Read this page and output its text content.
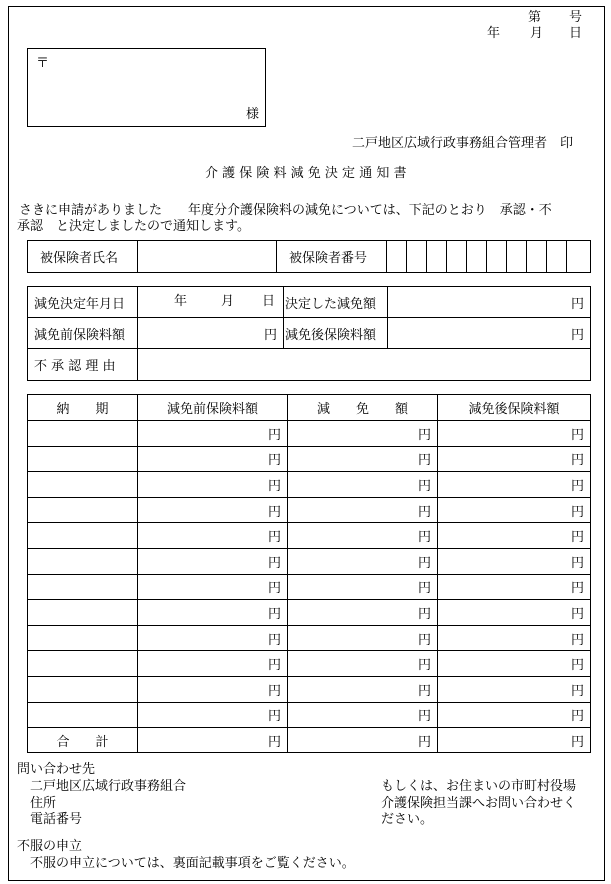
第 号
年 月 日
〒
様
二戸地区広域行政事務組合管理者　印
介 護 保 険 料 減 免 決 定 通 知 書
さきに申請がありました　　年度分介護保険料の減免については、下記のとおり　承認・不
承認　と決定しましたので通知します。
被保険者氏名		被保険者番号										
減免決定年月日	年 月 日	決定した減免額	円
減免前保険料額	円	減免後保険料額	円
不 承 認 理 由			
納　　期	減免前保険料額	減　　免　　額	減免後保険料額
	円	円	円
	円	円	円
	円	円	円
	円	円	円
	円	円	円
	円	円	円
	円	円	円
	円	円	円
	円	円	円
	円	円	円
	円	円	円
	円	円	円
合　　計	円	円	円
問い合わせ先
二戸地区広域行政事務組合
住所
電話番号
もしくは、お住まいの市町村役場
介護保険担当課へお問い合わせく
ださい。
不服の申立
不服の申立については、裏面記載事項をご覧ください。
